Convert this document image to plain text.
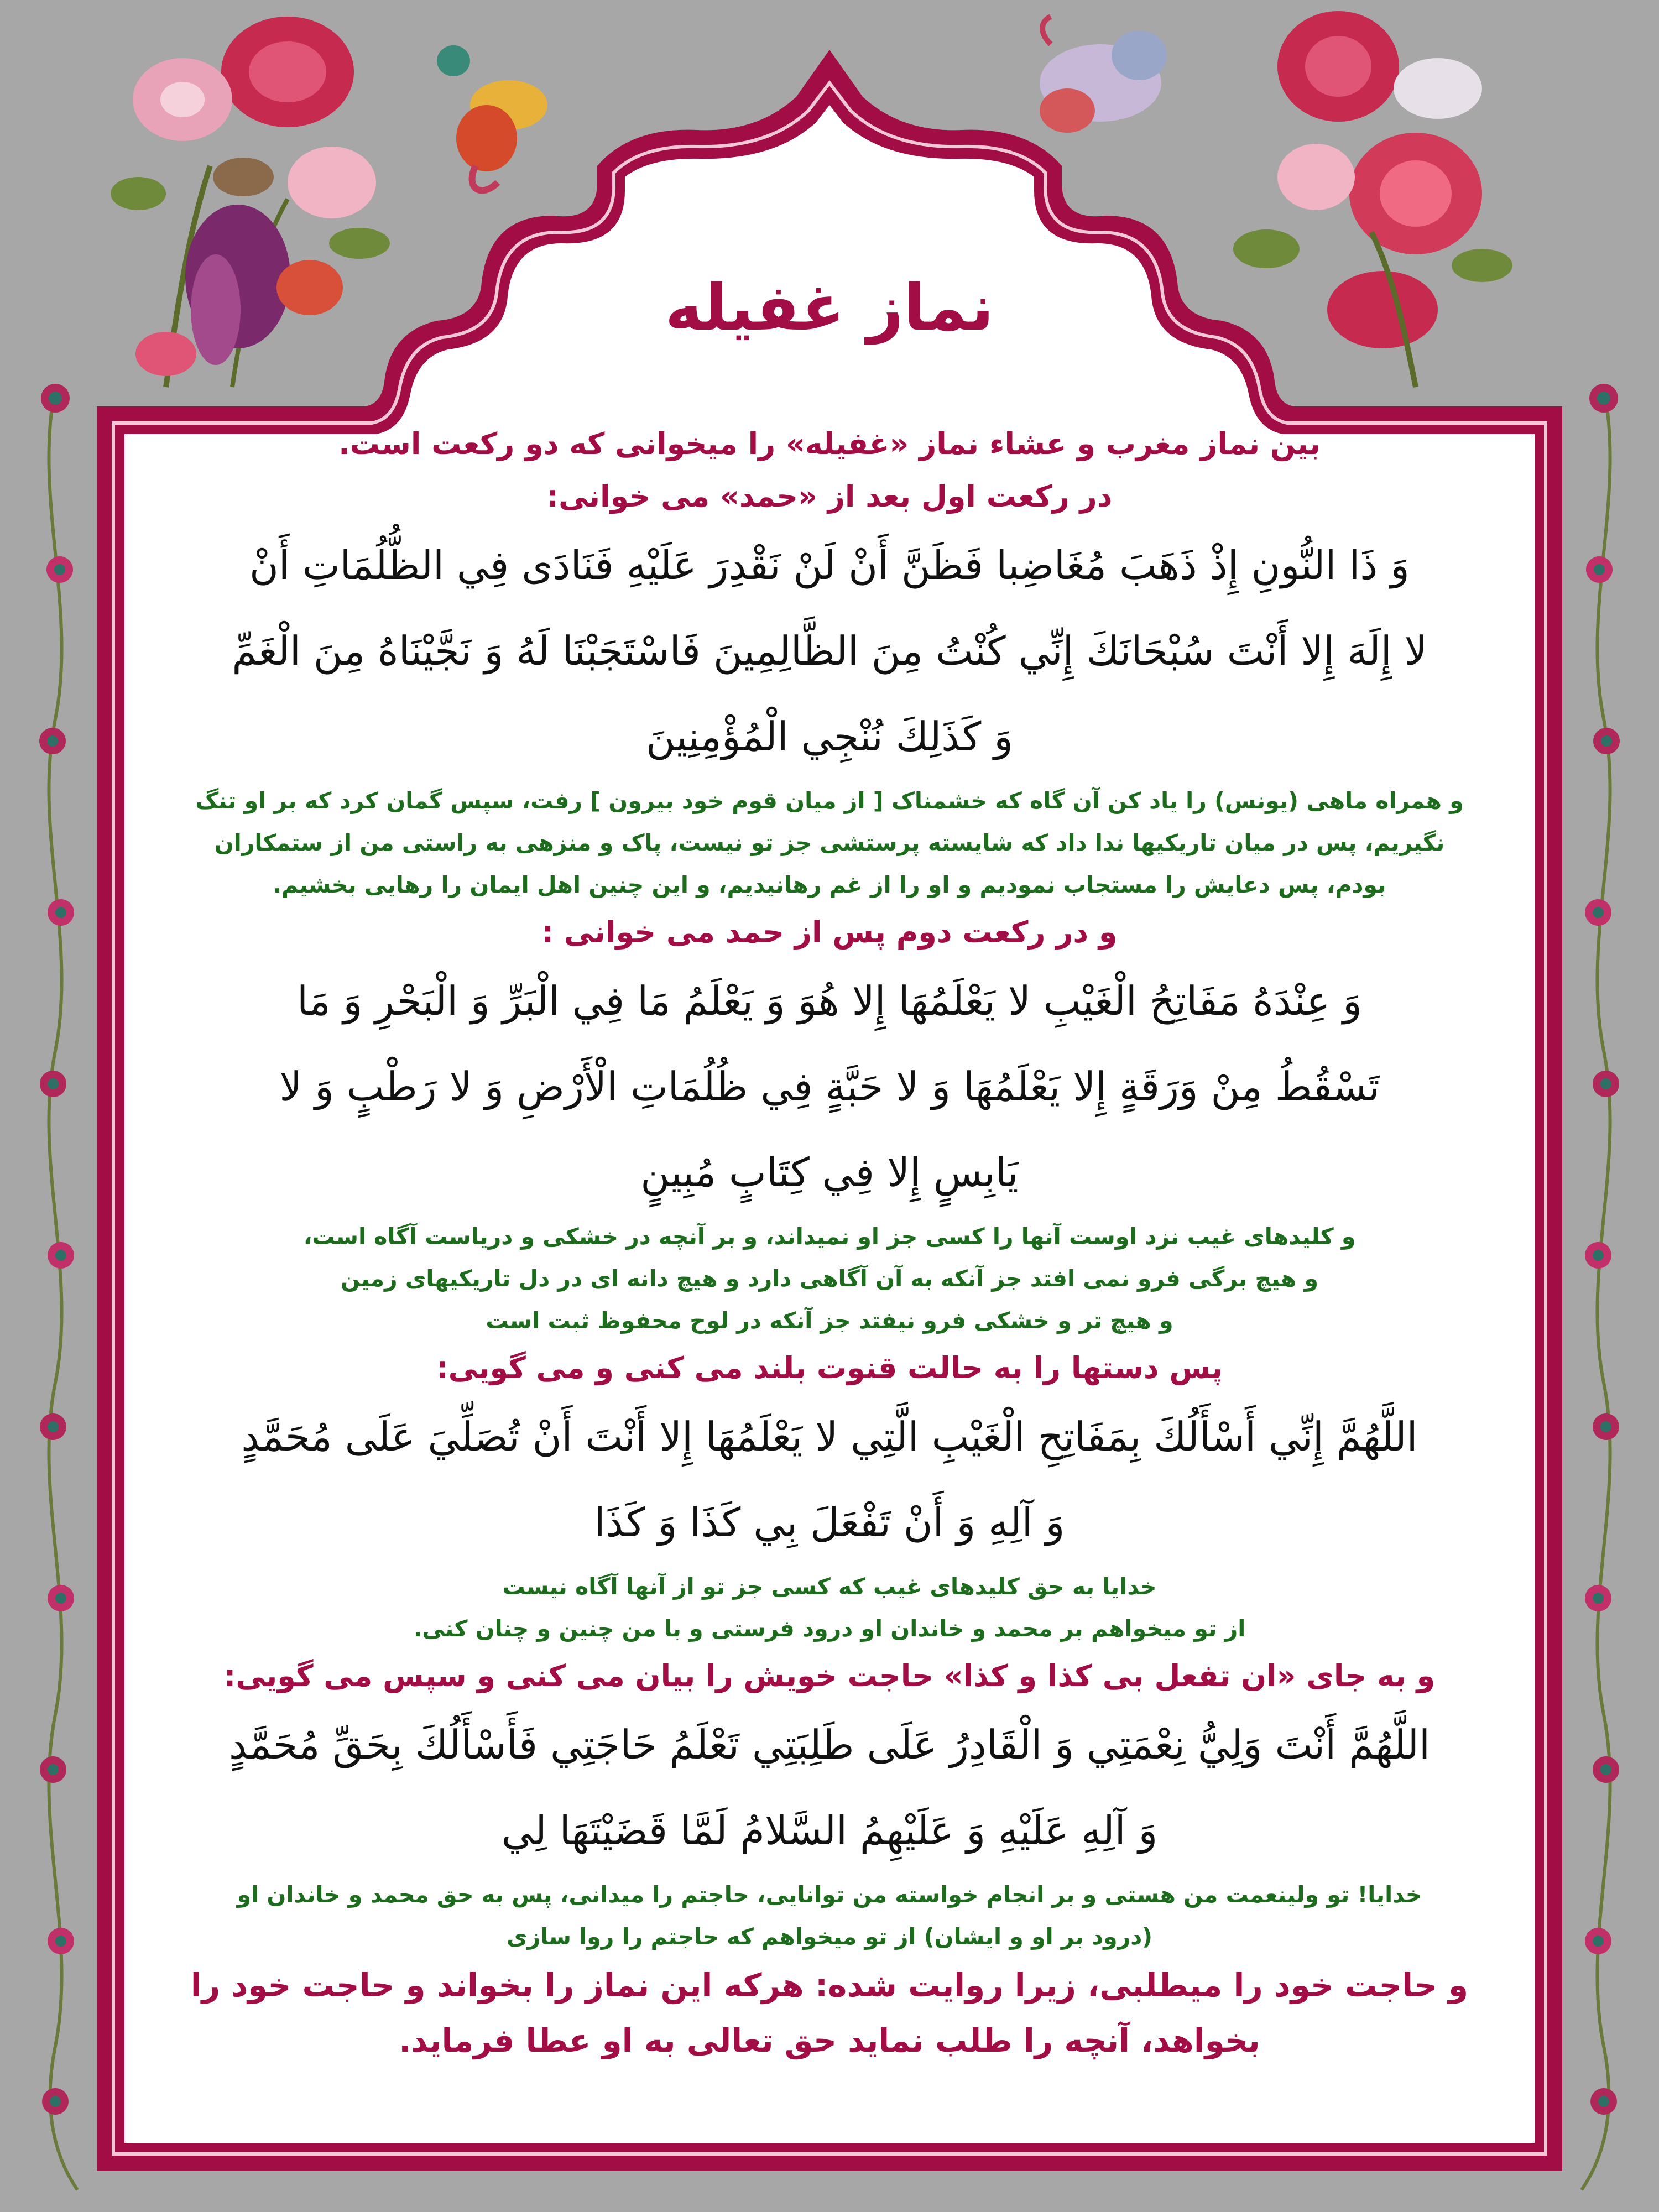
نماز غفیله

بین نماز مغرب و عشاء نماز «غفیله» را میخوانی که دو رکعت است.

در رکعت اول بعد از «حمد» می خوانی:

وَ ذَا النُّونِ إِذْ ذَهَبَ مُغَاضِبا فَظَنَّ أَنْ لَنْ نَقْدِرَ عَلَيْهِ فَنَادَى فِي الظُّلُمَاتِ أَنْ

لا إِلَهَ إِلا أَنْتَ سُبْحَانَكَ إِنِّي كُنْتُ مِنَ الظَّالِمِينَ فَاسْتَجَبْنَا لَهُ وَ نَجَّيْنَاهُ مِنَ الْغَمِّ

وَ كَذَلِكَ نُنْجِي الْمُؤْمِنِينَ

و همراه ماهی (یونس) را یاد کن آن گاه که خشمناک [ از میان قوم خود بیرون ] رفت، سپس گمان کرد که بر او تنگ

نگیریم، پس در میان تاریکیها ندا داد که شایسته پرستشی جز تو نیست، پاک و منزهی به راستی من از ستمکاران

بودم، پس دعایش را مستجاب نمودیم و او را از غم رهانیدیم، و این چنین اهل ایمان را رهایی بخشیم.

و در رکعت دوم پس از حمد می خوانی :

وَ عِنْدَهُ مَفَاتِحُ الْغَيْبِ لا يَعْلَمُهَا إِلا هُوَ وَ يَعْلَمُ مَا فِي الْبَرِّ وَ الْبَحْرِ وَ مَا

تَسْقُطُ مِنْ وَرَقَةٍ إِلا يَعْلَمُهَا وَ لا حَبَّةٍ فِي ظُلُمَاتِ الْأَرْضِ وَ لا رَطْبٍ وَ لا

يَابِسٍ إِلا فِي كِتَابٍ مُبِينٍ

و کلیدهای غیب نزد اوست آنها را کسی جز او نمیداند، و بر آنچه در خشکی و دریاست آگاه است،

و هیچ برگی فرو نمی افتد جز آنکه به آن آگاهی دارد و هیچ دانه ای در دل تاریکیهای زمین

و هیچ تر و خشکی فرو نیفتد جز آنکه در لوح محفوظ ثبت است

پس دستها را به حالت قنوت بلند می کنی و می گویی:

اللَّهُمَّ إِنِّي أَسْأَلُكَ بِمَفَاتِحِ الْغَيْبِ الَّتِي لا يَعْلَمُهَا إِلا أَنْتَ أَنْ تُصَلِّيَ عَلَى مُحَمَّدٍ

وَ آلِهِ وَ أَنْ تَفْعَلَ بِي كَذَا وَ كَذَا

خدایا به حق کلیدهای غیب که کسی جز تو از آنها آگاه نیست

از تو میخواهم بر محمد و خاندان او درود فرستی و با من چنین و چنان کنی.

و به جای «ان تفعل بی کذا و کذا» حاجت خویش را بیان می کنی و سپس می گویی:

اللَّهُمَّ أَنْتَ وَلِيُّ نِعْمَتِي وَ الْقَادِرُ عَلَى طَلِبَتِي تَعْلَمُ حَاجَتِي فَأَسْأَلُكَ بِحَقِّ مُحَمَّدٍ

وَ آلِهِ عَلَيْهِ وَ عَلَيْهِمُ السَّلامُ لَمَّا قَضَيْتَهَا لِي

خدایا! تو ولینعمت من هستی و بر انجام خواسته من توانایی، حاجتم را میدانی، پس به حق محمد و خاندان او

(درود بر او و ایشان) از تو میخواهم که حاجتم را روا سازی

و حاجت خود را میطلبی، زیرا روایت شده: هرکه این نماز را بخواند و حاجت خود را

بخواهد، آنچه را طلب نماید حق تعالی به او عطا فرماید.
